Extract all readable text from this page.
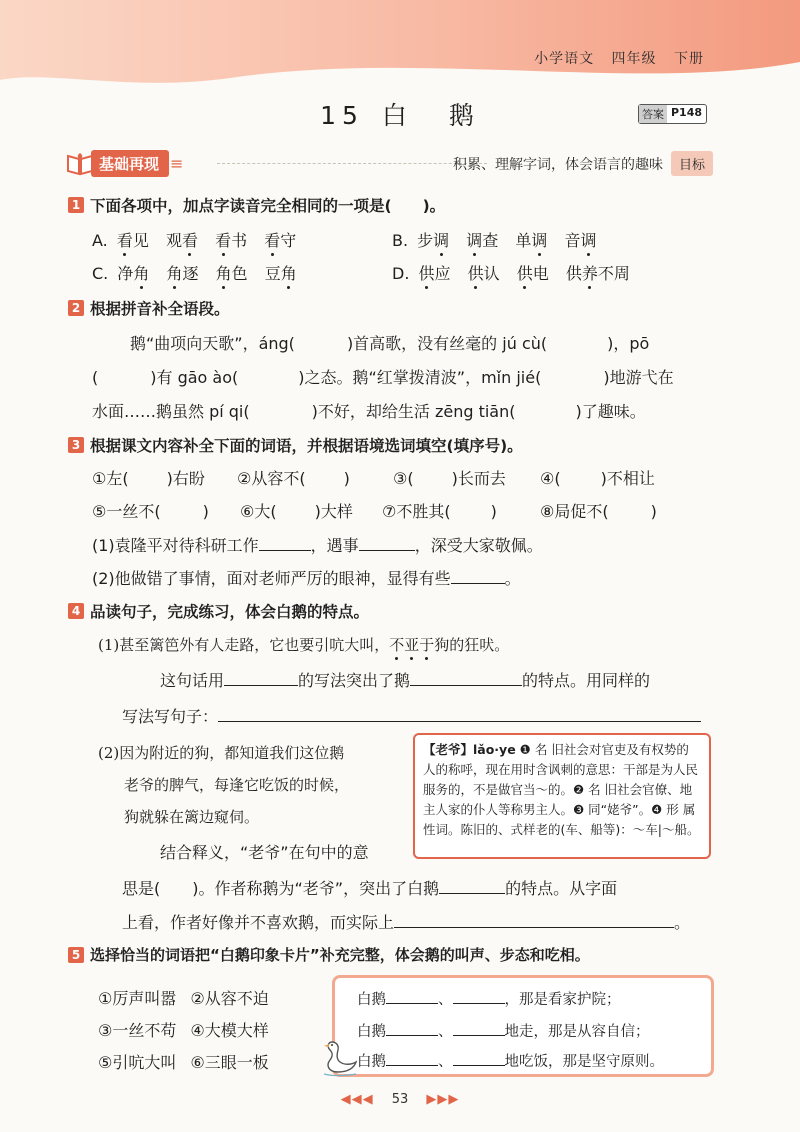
小学语文 四年级 下册
15 白 鹅	答案 P148
基础再现 ≡	积累、理解字词，体会语言的趣味	目标
1 下面各项中，加点字读音完全相同的一项是(　　)。
A. 看见 观看 看书 看守	B. 步调 调查 单调 音调
C. 净角 角逐 角色 豆角	D. 供应 供认 供电 供养不周
2 根据拼音补全语段。
鹅“曲项向天歌”，áng(	)首高歌，没有丝毫的 jú cù(	)，pō
(	)有 gāo ào(	)之态。鹅“红掌拨清波”，mǐn jié(	)地游弋在
水面……鹅虽然 pí qi(	)不好，却给生活 zēng tiān(	)了趣味。
3 根据课文内容补全下面的词语，并根据语境选词填空(填序号)。
①左( )右盼 ②从容不( )	③( )长而去 ④(	)不相让
⑤一丝不(	) ⑥大( )大样 ⑦不胜其(	)	⑧局促不(	)
(1)袁隆平对待科研工作	，遇事	，深受大家敬佩。
(2)他做错了事情，面对老师严厉的眼神，显得有些	。
4 品读句子，完成练习，体会白鹅的特点。
(1)甚至篱笆外有人走路，它也要引吭大叫，不亚于狗的狂吠。
这句话用	的写法突出了鹅	的特点。用同样的
写法写句子：
(2)因为附近的狗，都知道我们这位鹅
老爷的脾气，每逢它吃饭的时候，
狗就躲在篱边窥伺。
结合释义，“老爷”在句中的意
【老爷】lǎo·ye ❶ 名 旧社会对官吏及有权势的人的称呼，现在用时含讽刺的意思：干部是为人民服务的，不是做官当～的。❷ 名 旧社会官僚、地主人家的仆人等称男主人。❸ 同“姥爷”。❹ 形 属性词。陈旧的、式样老的(车、船等)：～车|～船。
思是(　　)。作者称鹅为“老爷”，突出了白鹅	的特点。从字面
上看，作者好像并不喜欢鹅，而实际上	。
5 选择恰当的词语把“白鹅印象卡片”补充完整，体会鹅的叫声、步态和吃相。
①厉声叫嚣 ②从容不迫
③一丝不苟 ④大模大样
⑤引吭大叫 ⑥三眼一板
白鹅	、	，那是看家护院；
白鹅	、	地走，那是从容自信；
白鹅	、	地吃饭，那是坚守原则。
◀◀◀ 53 ▶▶▶
